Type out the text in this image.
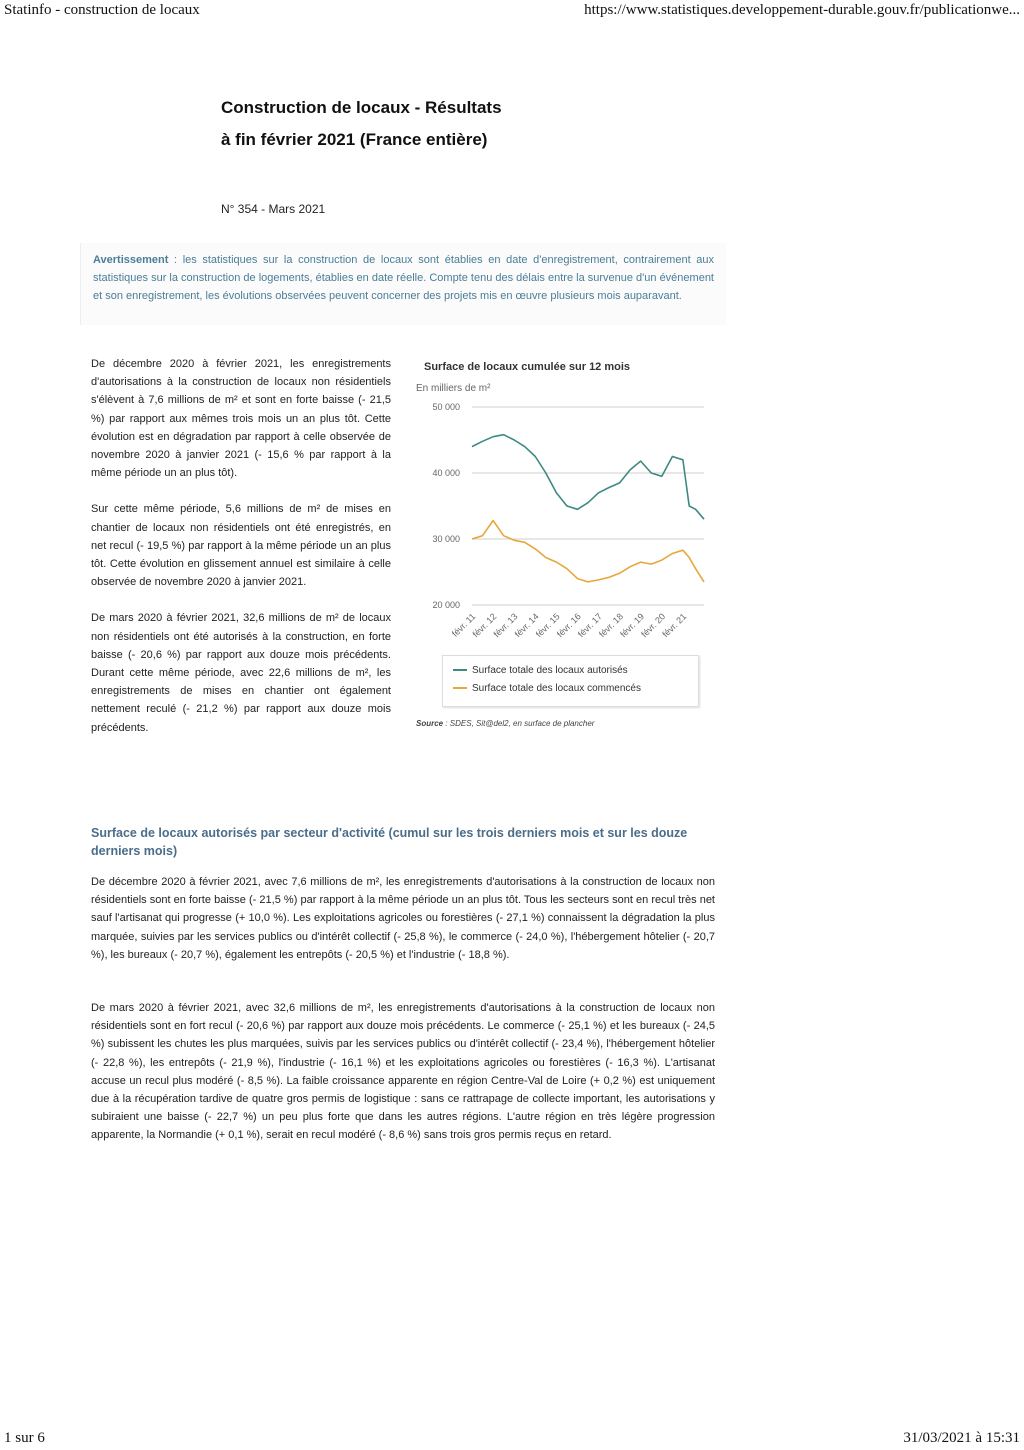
Statinfo - construction de locaux	https://www.statistiques.developpement-durable.gouv.fr/publicationwe...
Construction de locaux - Résultats
à fin février 2021 (France entière)
N° 354 - Mars 2021
Avertissement : les statistiques sur la construction de locaux sont établies en date d'enregistrement, contrairement aux statistiques sur la construction de logements, établies en date réelle. Compte tenu des délais entre la survenue d'un événement et son enregistrement, les évolutions observées peuvent concerner des projets mis en œuvre plusieurs mois auparavant.

De décembre 2020 à février 2021, les enregistrements d'autorisations à la construction de locaux non résidentiels s'élèvent à 7,6 millions de m² et sont en forte baisse (- 21,5 %) par rapport aux mêmes trois mois un an plus tôt. Cette évolution est en dégradation par rapport à celle observée de novembre 2020 à janvier 2021 (- 15,6 % par rapport à la même période un an plus tôt).

Sur cette même période, 5,6 millions de m² de mises en chantier de locaux non résidentiels ont été enregistrés, en net recul (- 19,5 %) par rapport à la même période un an plus tôt. Cette évolution en glissement annuel est similaire à celle observée de novembre 2020 à janvier 2021.

De mars 2020 à février 2021, 32,6 millions de m² de locaux non résidentiels ont été autorisés à la construction, en forte baisse (- 20,6 %) par rapport aux douze mois précédents. Durant cette même période, avec 22,6 millions de m², les enregistrements de mises en chantier ont également nettement reculé (- 21,2 %) par rapport aux douze mois précédents.

Surface de locaux cumulée sur 12 mois
En milliers de m²
20 000
30 000
40 000
50 000
févr. 11
févr. 12
févr. 13
févr. 14
févr. 15
févr. 16
févr. 17
févr. 18
févr. 19
févr. 20
févr. 21
Surface totale des locaux autorisés
Surface totale des locaux commencés
Source : SDES, Sit@del2, en surface de plancher
Surface de locaux autorisés par secteur d'activité (cumul sur les trois derniers mois et sur les douze derniers mois)
De décembre 2020 à février 2021, avec 7,6 millions de m², les enregistrements d'autorisations à la construction de locaux non résidentiels sont en forte baisse (- 21,5 %) par rapport à la même période un an plus tôt. Tous les secteurs sont en recul très net sauf l'artisanat qui progresse (+ 10,0 %). Les exploitations agricoles ou forestières (- 27,1 %) connaissent la dégradation la plus marquée, suivies par les services publics ou d'intérêt collectif (- 25,8 %), le commerce (- 24,0 %), l'hébergement hôtelier (- 20,7 %), les bureaux (- 20,7 %), également les entrepôts (- 20,5 %) et l'industrie (- 18,8 %).
De mars 2020 à février 2021, avec 32,6 millions de m², les enregistrements d'autorisations à la construction de locaux non résidentiels sont en fort recul (- 20,6 %) par rapport aux douze mois précédents. Le commerce (- 25,1 %) et les bureaux (- 24,5 %) subissent les chutes les plus marquées, suivis par les services publics ou d'intérêt collectif (- 23,4 %), l'hébergement hôtelier (- 22,8 %), les entrepôts (- 21,9 %), l'industrie (- 16,1 %) et les exploitations agricoles ou forestières (- 16,3 %). L'artisanat accuse un recul plus modéré (- 8,5 %). La faible croissance apparente en région Centre-Val de Loire (+ 0,2 %) est uniquement due à la récupération tardive de quatre gros permis de logistique : sans ce rattrapage de collecte important, les autorisations y subiraient une baisse (- 22,7 %) un peu plus forte que dans les autres régions. L'autre région en très légère progression apparente, la Normandie (+ 0,1 %), serait en recul modéré (- 8,6 %) sans trois gros permis reçus en retard.
1 sur 6	31/03/2021 à 15:31
